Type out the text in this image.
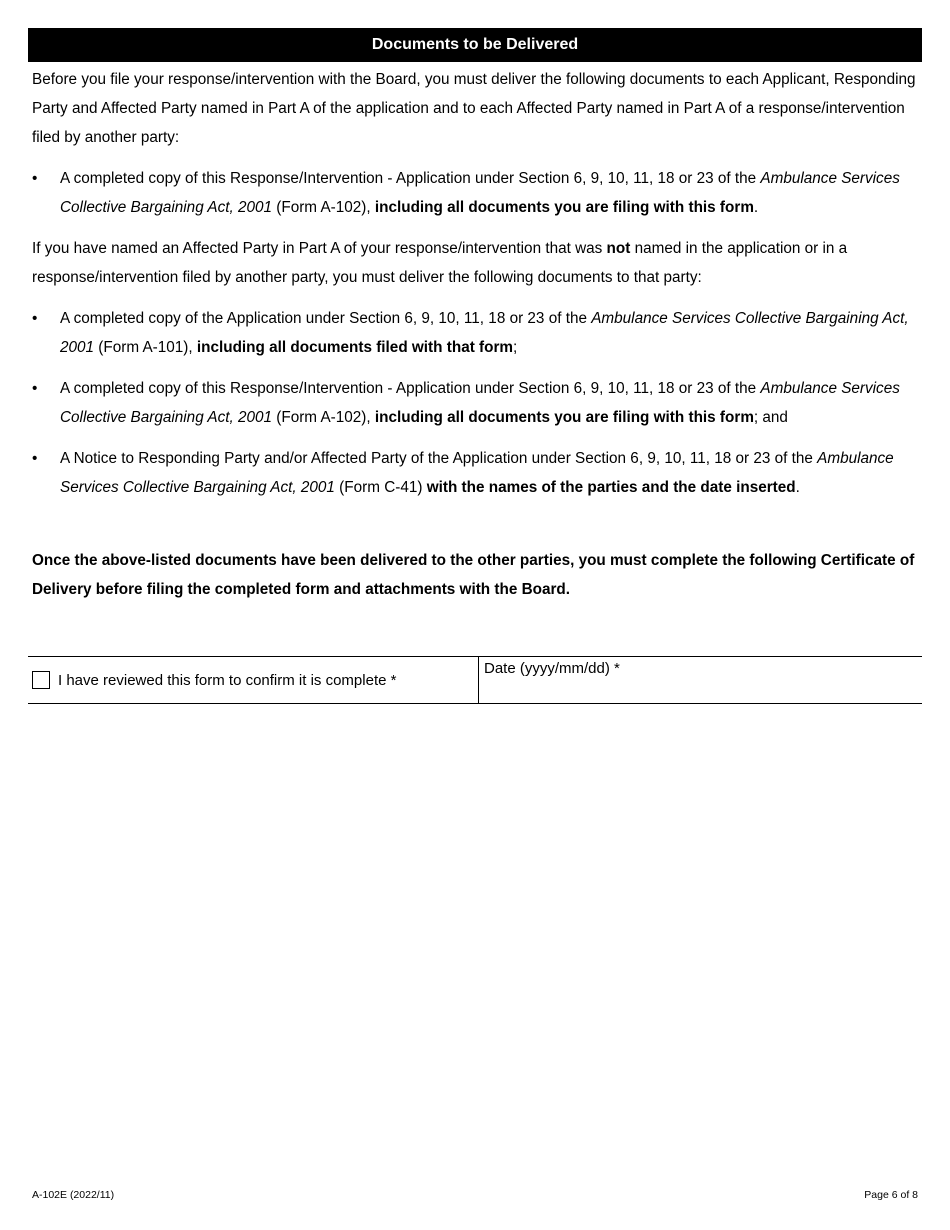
Documents to be Delivered

Before you file your response/intervention with the Board, you must deliver the following documents to each Applicant, Responding Party and Affected Party named in Part A of the application and to each Affected Party named in Part A of a response/intervention filed by another party:

•	A completed copy of this Response/Intervention - Application under Section 6, 9, 10, 11, 18 or 23 of the Ambulance Services Collective Bargaining Act, 2001 (Form A-102), including all documents you are filing with this form.

If you have named an Affected Party in Part A of your response/intervention that was not named in the application or in a response/intervention filed by another party, you must deliver the following documents to that party:

•	A completed copy of the Application under Section 6, 9, 10, 11, 18 or 23 of the Ambulance Services Collective Bargaining Act, 2001 (Form A-101), including all documents filed with that form;
•	A completed copy of this Response/Intervention - Application under Section 6, 9, 10, 11, 18 or 23 of the Ambulance Services Collective Bargaining Act, 2001 (Form A-102), including all documents you are filing with this form; and
•	A Notice to Responding Party and/or Affected Party of the Application under Section 6, 9, 10, 11, 18 or 23 of the Ambulance Services Collective Bargaining Act, 2001 (Form C-41) with the names of the parties and the date inserted.

Once the above-listed documents have been delivered to the other parties, you must complete the following Certificate of Delivery before filing the completed form and attachments with the Board.

I have reviewed this form to confirm it is complete *
Date (yyyy/mm/dd) *
A-102E (2022/11)	Page 6 of 8
